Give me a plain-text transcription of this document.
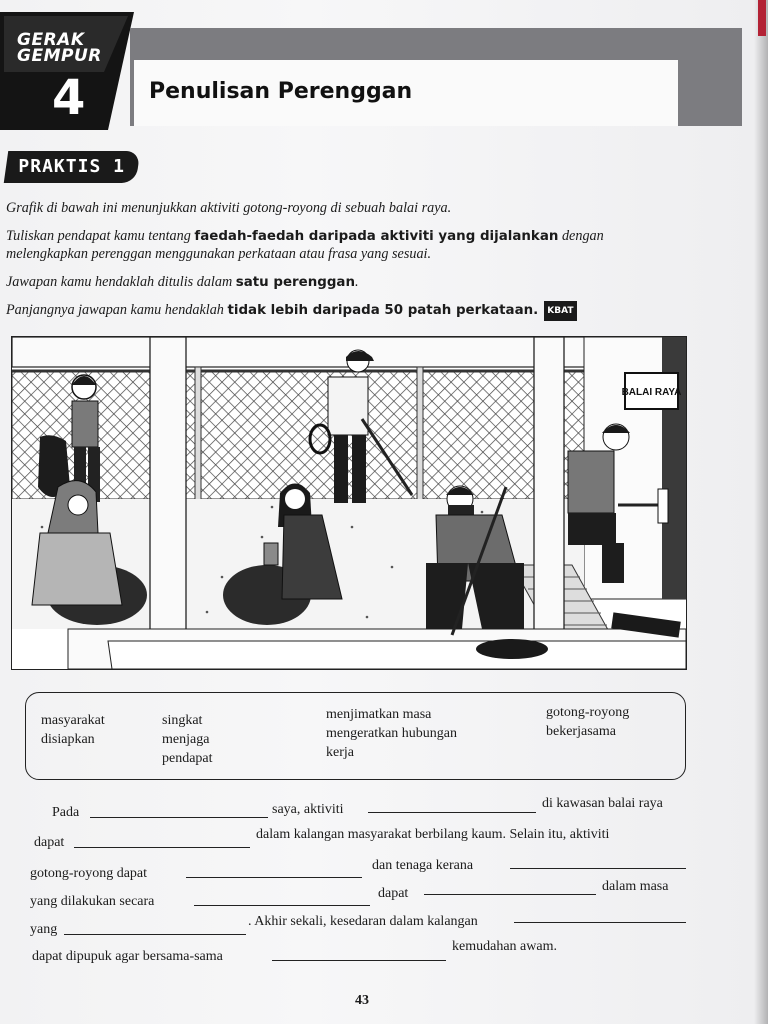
GERAK
GEMPUR
4	Penulisan Perenggan
PRAKTIS 1
Grafik di bawah ini menunjukkan aktiviti gotong-royong di sebuah balai raya.
Tuliskan pendapat kamu tentang faedah-faedah daripada aktiviti yang dijalankan dengan
melengkapkan perenggan menggunakan perkataan atau frasa yang sesuai.
Jawapan kamu hendaklah ditulis dalam satu perenggan.
Panjangnya jawapan kamu hendaklah tidak lebih daripada 50 patah perkataan. KBAT
BALAI RAYA
masyarakat
disiapkan
singkat
menjaga
pendapat
menjimatkan masa
mengeratkan hubungan
kerja
gotong-royong
bekerjasama
Pada	saya, aktiviti	di kawasan balai raya
dapat
dalam kalangan masyarakat berbilang kaum. Selain itu, aktiviti
gotong-royong dapat
dan tenaga kerana
yang dilakukan secara
dapat	dalam masa
yang
. Akhir sekali, kesedaran dalam kalangan
dapat dipupuk agar bersama-sama
kemudahan awam.
43
